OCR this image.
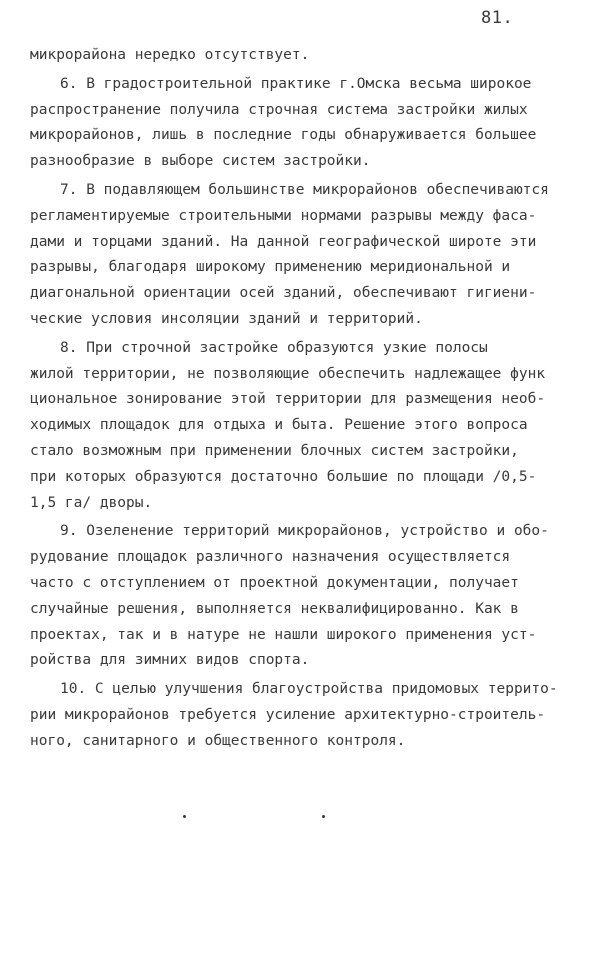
81.
микрорайона нередко отсутствует.
6. В градостроительной практике г.Омска весьма широкое
распространение получила строчная система застройки жилых
микрорайонов, лишь в последние годы обнаруживается большее
разнообразие в выборе систем застройки.
7. В подавляющем большинстве микрорайонов обеспечиваются
регламентируемые строительными нормами разрывы между фаса-
дами и торцами зданий. На данной географической широте эти
разрывы, благодаря широкому применению меридиональной и
диагональной ориентации осей зданий, обеспечивают гигиени-
ческие условия инсоляции зданий и территорий.
8. При строчной застройке образуются узкие полосы
жилой территории, не позволяющие обеспечить надлежащее функ
циональное зонирование этой территории для размещения необ-
ходимых площадок для отдыха и быта. Решение этого вопроса
стало возможным при применении блочных систем застройки,
при которых образуются достаточно большие по площади /0,5-
1,5 га/ дворы.
9. Озеленение территорий микрорайонов, устройство и обо-
рудование площадок различного назначения осуществляется
часто с отступлением от проектной документации, получает
случайные решения, выполняется неквалифицированно. Как в
проектах, так и в натуре не нашли широкого применения уст-
ройства для зимних видов спорта.
10. С целью улучшения благоустройства придомовых террито-
рии микрорайонов требуется усиление архитектурно-строитель-
ного, санитарного и общественного контроля.
